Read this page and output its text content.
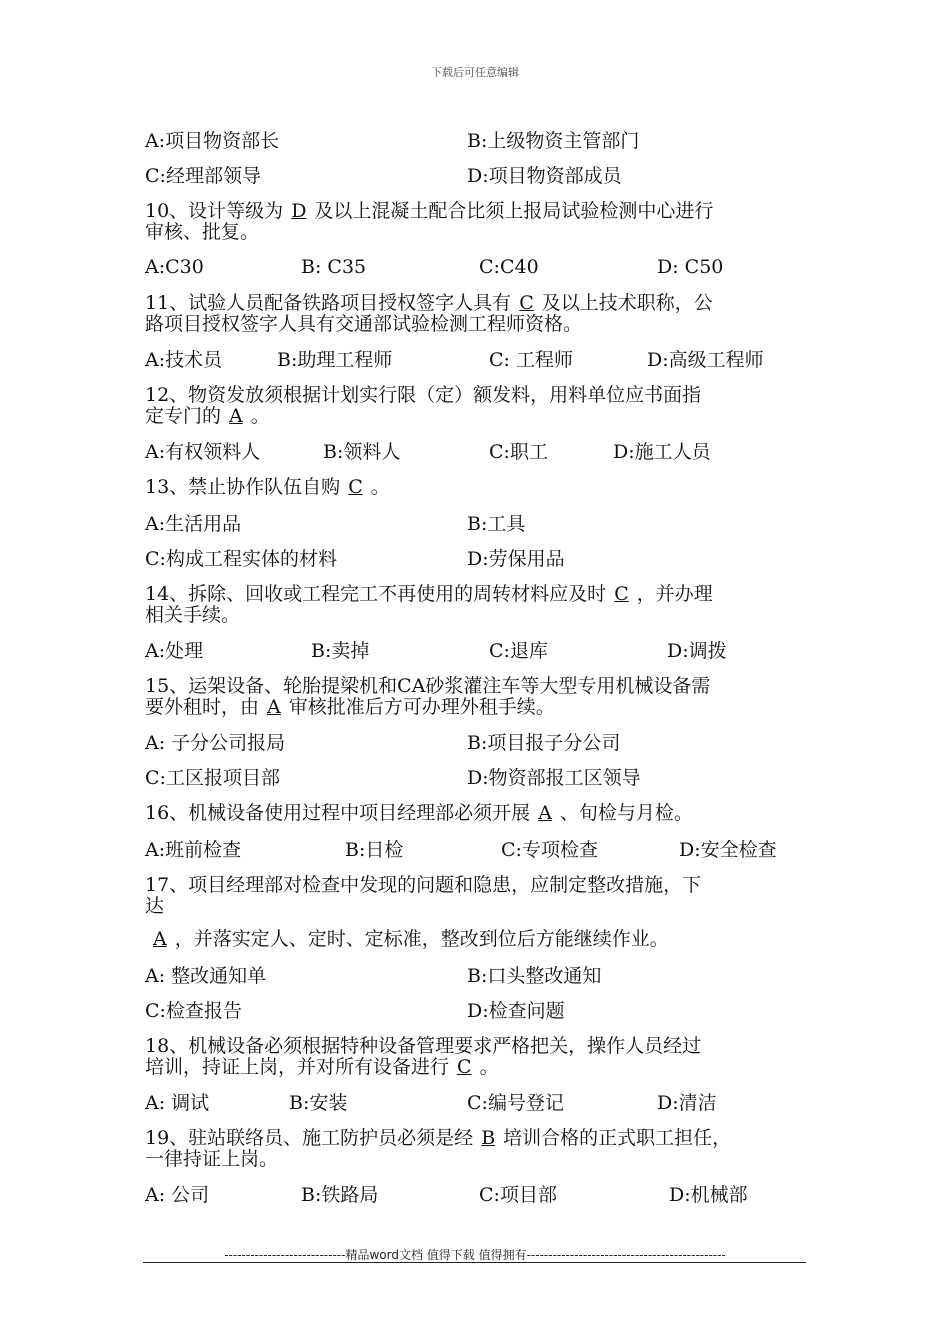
下载后可任意编辑
A:项目物资部长	B:上级物资主管部门
C:经理部领导	D:项目物资部成员
10、设计等级为 D 及以上混凝土配合比须上报局试验检测中心进行
审核、批复。
A:C30	B: C35	C:C40	D: C50
11、试验人员配备铁路项目授权签字人具有 C 及以上技术职称，公
路项目授权签字人具有交通部试验检测工程师资格。
A:技术员	B:助理工程师	C: 工程师	D:高级工程师
12、物资发放须根据计划实行限（定）额发料，用料单位应书面指
定专门的 A 。
A:有权领料人	B:领料人	C:职工	D:施工人员
13、禁止协作队伍自购 C 。
A:生活用品	B:工具
C:构成工程实体的材料	D:劳保用品
14、拆除、回收或工程完工不再使用的周转材料应及时 C ，并办理
相关手续。
A:处理	B:卖掉	C:退库	D:调拨
15、运架设备、轮胎提梁机和CA砂浆灌注车等大型专用机械设备需
要外租时，由 A 审核批准后方可办理外租手续。
A: 子分公司报局	B:项目报子分公司
C:工区报项目部	D:物资部报工区领导
16、机械设备使用过程中项目经理部必须开展 A 、旬检与月检。
A:班前检查	B:日检	C:专项检查	D:安全检查
17、项目经理部对检查中发现的问题和隐患，应制定整改措施，下
达
A ，并落实定人、定时、定标准，整改到位后方能继续作业。
A: 整改通知单	B:口头整改通知
C:检查报告	D:检查问题
18、机械设备必须根据特种设备管理要求严格把关，操作人员经过
培训，持证上岗，并对所有设备进行 C 。
A: 调试	B:安装	C:编号登记	D:清洁
19、驻站联络员、施工防护员必须是经 B 培训合格的正式职工担任，
一律持证上岗。
A: 公司	B:铁路局	C:项目部	D:机械部
----------------------------精品word文档 值得下载 值得拥有----------------------------------------------
